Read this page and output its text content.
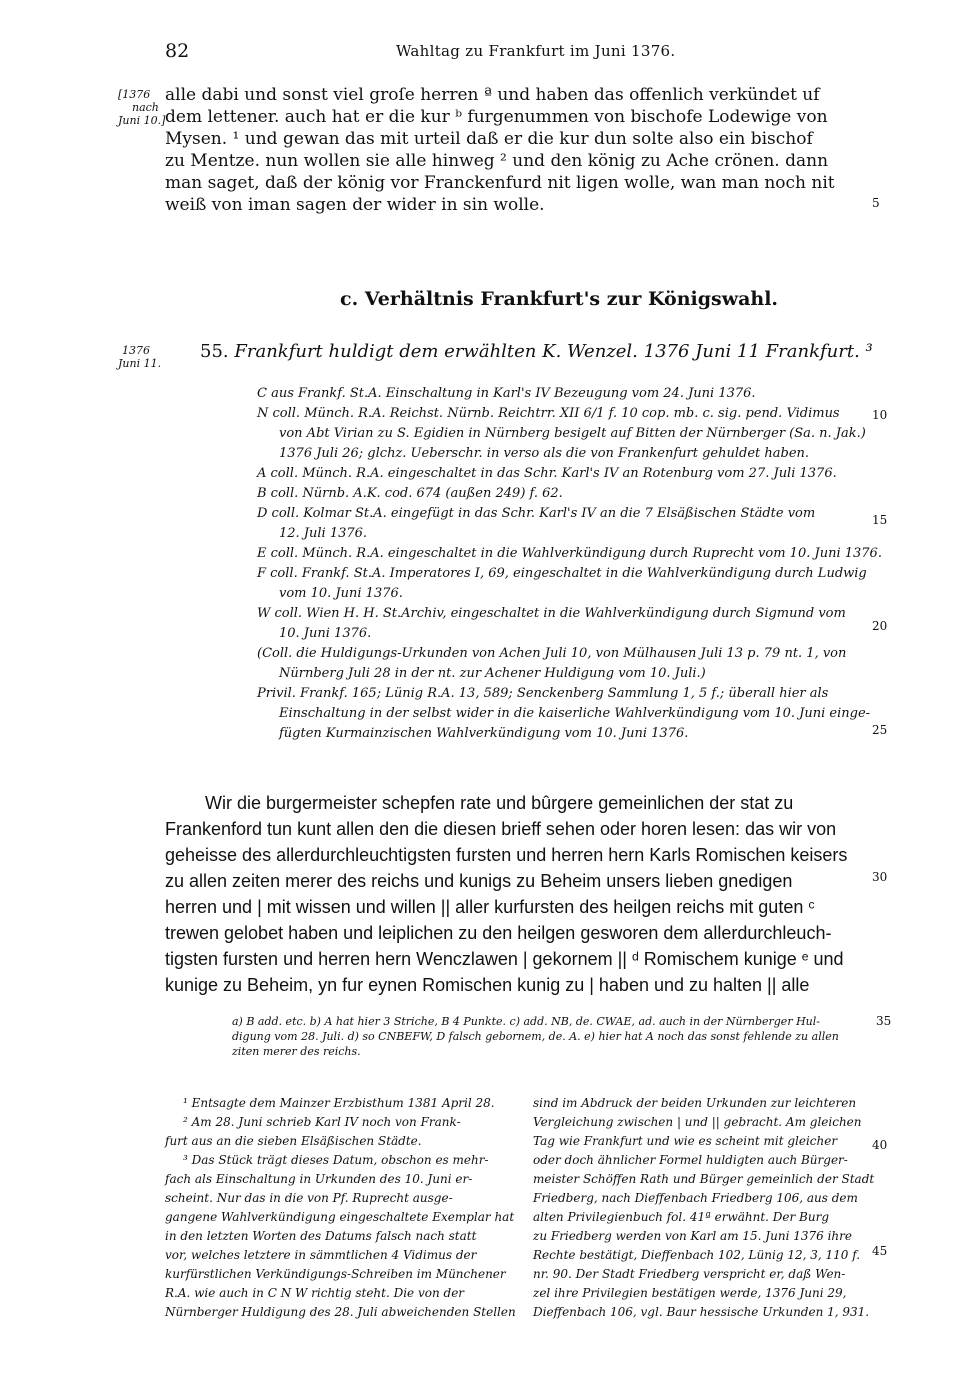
82	Wahltag zu Frankfurt im Juni 1376.
[1376
nach
Juni 10.]
alle dabi und sonst viel groſe herren ª und haben das offenlich verkündet uf
dem lettener. auch hat er die kur ᵇ furgenummen von bischofe Lodewige von
Mysen. ¹ und gewan das mit urteil daß er die kur dun solte also ein bischof
zu Mentze. nun wollen sie alle hinweg ² und den könig zu Ache crönen. dann
man saget, daß der könig vor Franckenfurd nit ligen wolle, wan man noch nit
weiß von iman sagen der wider in sin wolle.	5
c. Verhältnis Frankfurt's zur Königswahl.
1376
Juni 11.
55. Frankfurt huldigt dem erwählten K. Wenzel. 1376 Juni 11 Frankfurt. ³
C aus Frankf. St.A. Einschaltung in Karl's IV Bezeugung vom 24. Juni 1376.
N coll. Münch. R.A. Reichst. Nürnb. Reichtrr. XII 6/1 f. 10 cop. mb. c. sig. pend. Vidimus
von Abt Virian zu S. Egidien in Nürnberg besigelt auf Bitten der Nürnberger (Sa. n. Jak.)
1376 Juli 26; glchz. Ueberschr. in verso als die von Frankenfurt gehuldet haben.
A coll. Münch. R.A. eingeschaltet in das Schr. Karl's IV an Rotenburg vom 27. Juli 1376.
B coll. Nürnb. A.K. cod. 674 (außen 249) f. 62.
D coll. Kolmar St.A. eingefügt in das Schr. Karl's IV an die 7 Elsäßischen Städte vom
12. Juli 1376.
E coll. Münch. R.A. eingeschaltet in die Wahlverkündigung durch Ruprecht vom 10. Juni 1376.
F coll. Frankf. St.A. Imperatores I, 69, eingeschaltet in die Wahlverkündigung durch Ludwig
vom 10. Juni 1376.
W coll. Wien H. H. St.Archiv, eingeschaltet in die Wahlverkündigung durch Sigmund vom
10. Juni 1376.
(Coll. die Huldigungs-Urkunden von Achen Juli 10, von Mülhausen Juli 13 p. 79 nt. 1, von
Nürnberg Juli 28 in der nt. zur Achener Huldigung vom 10. Juli.)
Privil. Frankf. 165; Lünig R.A. 13, 589; Senckenberg Sammlung 1, 5 f.; überall hier als
Einschaltung in der selbst wider in die kaiserliche Wahlverkündigung vom 10. Juni einge-
fügten Kurmainzischen Wahlverkündigung vom 10. Juni 1376.
10
15
20
25
Wir die burgermeister schepfen rate und bûrgere gemeinlichen der stat zu
Frankenford tun kunt allen den die diesen brieff sehen oder horen lesen: das wir von
geheisse des allerdurchleuchtigsten fursten und herren hern Karls Romischen keisers
zu allen zeiten merer des reichs und kunigs zu Beheim unsers lieben gnedigen
herren und | mit wissen und willen || aller kurfursten des heilgen reichs mit guten ᶜ
trewen gelobet haben und leiplichen zu den heilgen gesworen dem allerdurchleuch-
tigsten fursten und herren hern Wenczlawen | gekornem || ᵈ Romischem kunige ᵉ und
kunige zu Beheim, yn fur eynen Romischen kunig zu | haben und zu halten || alle
30
a) B add. etc. b) A hat hier 3 Striche, B 4 Punkte. c) add. NB, de. CWAE, ad. auch in der Nürnberger Hul-
digung vom 28. Juli. d) so CNBEFW, D falsch gebornem, de. A. e) hier hat A noch das sonst fehlende zu allen
ziten merer des reichs.
35
¹ Entsagte dem Mainzer Erzbisthum 1381 April 28.
² Am 28. Juni schrieb Karl IV noch von Frank-
furt aus an die sieben Elsäßischen Städte.
³ Das Stück trägt dieses Datum, obschon es mehr-
fach als Einschaltung in Urkunden des 10. Juni er-
scheint. Nur das in die von Pf. Ruprecht ausge-
gangene Wahlverkündigung eingeschaltete Exemplar hat
in den letzten Worten des Datums falsch nach statt
vor, welches letztere in sämmtlichen 4 Vidimus der
kurfürstlichen Verkündigungs-Schreiben im Münchener
R.A. wie auch in C N W richtig steht. Die von der
Nürnberger Huldigung des 28. Juli abweichenden Stellen
sind im Abdruck der beiden Urkunden zur leichteren
Vergleichung zwischen | und || gebracht. Am gleichen
Tag wie Frankfurt und wie es scheint mit gleicher
oder doch ähnlicher Formel huldigten auch Bürger-
meister Schöffen Rath und Bürger gemeinlich der Stadt
Friedberg, nach Dieffenbach Friedberg 106, aus dem
alten Privilegienbuch fol. 41ª erwähnt. Der Burg
zu Friedberg werden von Karl am 15. Juni 1376 ihre
Rechte bestätigt, Dieffenbach 102, Lünig 12, 3, 110 f.
nr. 90. Der Stadt Friedberg verspricht er, daß Wen-
zel ihre Privilegien bestätigen werde, 1376 Juni 29,
Dieffenbach 106, vgl. Baur hessische Urkunden 1, 931.
40
45
